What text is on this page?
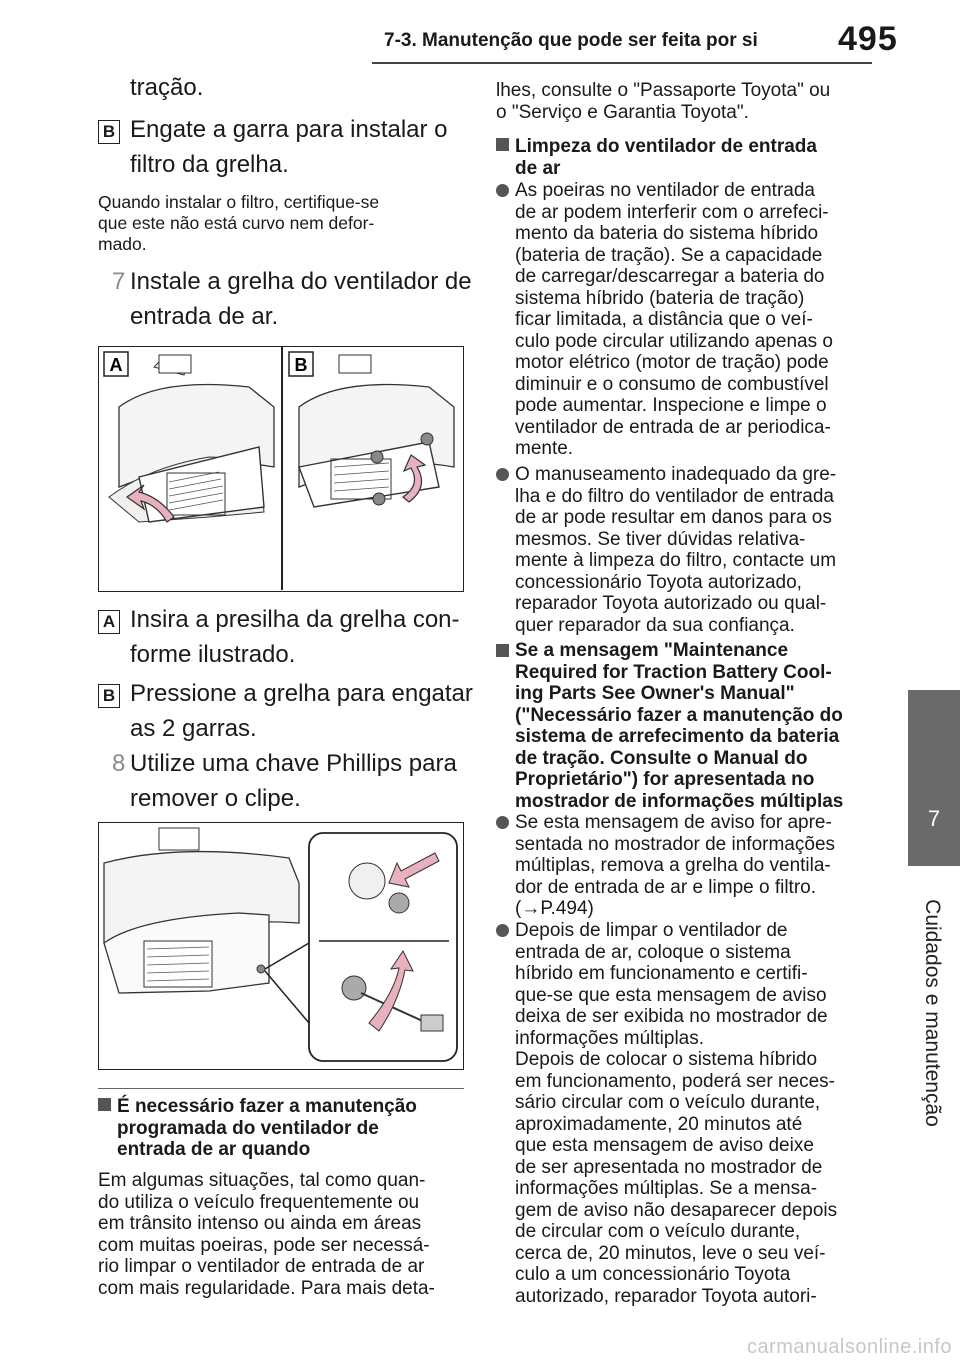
7-3. Manutenção que pode ser feita por si 495
7
Cuidados e manutenção
tração.
B Engate a garra para instalar o
filtro da grelha.
Quando instalar o filtro, certifique-se
que este não está curvo nem defor-
mado.
7 Instale a grelha do ventilador de
entrada de ar.
A	B
A Insira a presilha da grelha con-
forme ilustrado.
B Pressione a grelha para engatar
as 2 garras.
8 Utilize uma chave Phillips para
remover o clipe.
É necessário fazer a manutenção
programada do ventilador de
entrada de ar quando
Em algumas situações, tal como quan-
do utiliza o veículo frequentemente ou
em trânsito intenso ou ainda em áreas
com muitas poeiras, pode ser necessá-
rio limpar o ventilador de entrada de ar
com mais regularidade. Para mais deta-
lhes, consulte o "Passaporte Toyota" ou
o "Serviço e Garantia Toyota".
Limpeza do ventilador de entrada
de ar
As poeiras no ventilador de entrada
de ar podem interferir com o arrefeci-
mento da bateria do sistema híbrido
(bateria de tração). Se a capacidade
de carregar/descarregar a bateria do
sistema híbrido (bateria de tração)
ficar limitada, a distância que o veí-
culo pode circular utilizando apenas o
motor elétrico (motor de tração) pode
diminuir e o consumo de combustível
pode aumentar. Inspecione e limpe o
ventilador de entrada de ar periodica-
mente.
O manuseamento inadequado da gre-
lha e do filtro do ventilador de entrada
de ar pode resultar em danos para os
mesmos. Se tiver dúvidas relativa-
mente à limpeza do filtro, contacte um
concessionário Toyota autorizado,
reparador Toyota autorizado ou qual-
quer reparador da sua confiança.
Se a mensagem "Maintenance
Required for Traction Battery Cool-
ing Parts See Owner's Manual"
("Necessário fazer a manutenção do
sistema de arrefecimento da bateria
de tração. Consulte o Manual do
Proprietário") for apresentada no
mostrador de informações múltiplas
Se esta mensagem de aviso for apre-
sentada no mostrador de informações
múltiplas, remova a grelha do ventila-
dor de entrada de ar e limpe o filtro.
(→P.494)
Depois de limpar o ventilador de
entrada de ar, coloque o sistema
híbrido em funcionamento e certifi-
que-se que esta mensagem de aviso
deixa de ser exibida no mostrador de
informações múltiplas.
Depois de colocar o sistema híbrido
em funcionamento, poderá ser neces-
sário circular com o veículo durante,
aproximadamente, 20 minutos até
que esta mensagem de aviso deixe
de ser apresentada no mostrador de
informações múltiplas. Se a mensa-
gem de aviso não desaparecer depois
de circular com o veículo durante,
cerca de, 20 minutos, leve o seu veí-
culo a um concessionário Toyota
autorizado, reparador Toyota autori-
carmanualsonline.info
